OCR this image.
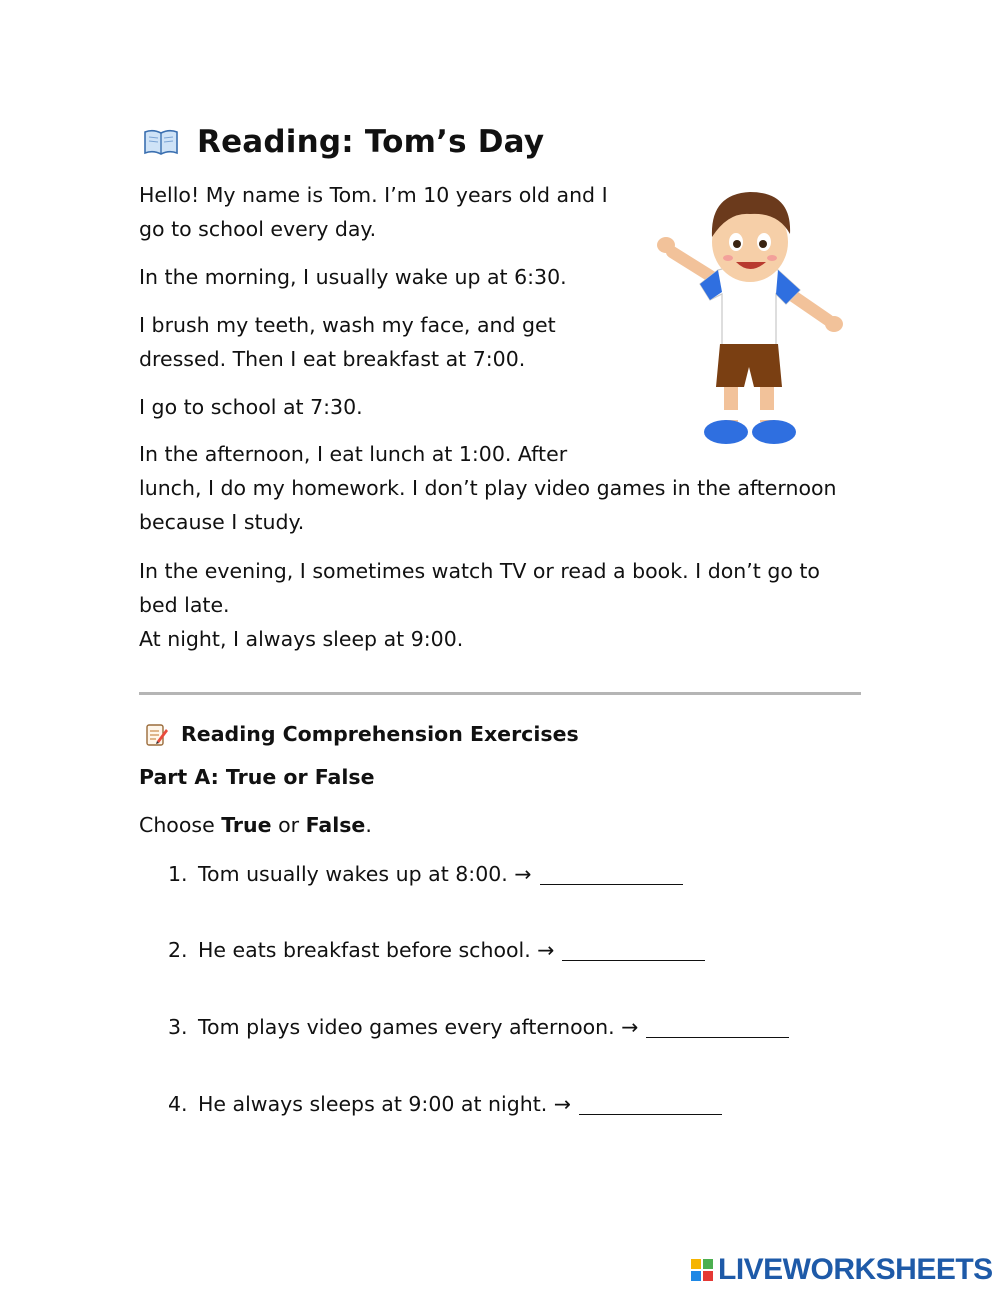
Reading: Tom’s Day

Hello! My name is Tom. I’m 10 years old and I
go to school every day.

In the morning, I usually wake up at 6:30.

I brush my teeth, wash my face, and get
dressed. Then I eat breakfast at 7:00.

I go to school at 7:30.

In the afternoon, I eat lunch at 1:00. After
lunch, I do my homework. I don’t play video games in the afternoon
because I study.

In the evening, I sometimes watch TV or read a book. I don’t go to
bed late.
At night, I always sleep at 9:00.

Reading Comprehension Exercises
Part A: True or False
Choose True or False.
1. Tom usually wakes up at 8:00. →
2. He eats breakfast before school. →
3. Tom plays video games every afternoon. →
4. He always sleeps at 9:00 at night. →
LIVEWORKSHEETS
